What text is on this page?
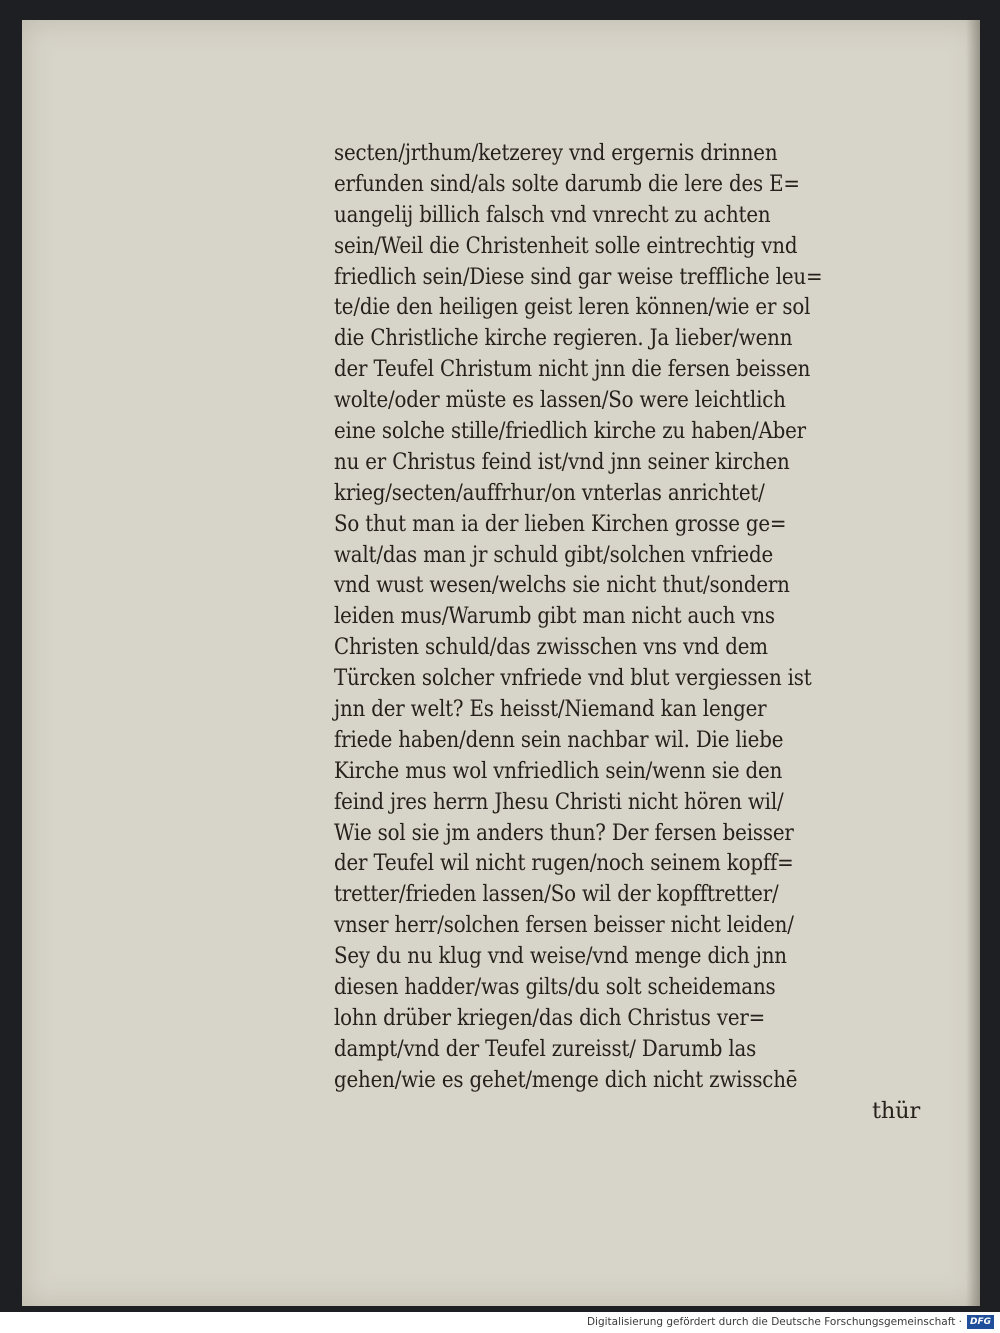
secten/jrthum/ketzerey vnd ergernis drinnen
erfunden sind/als solte darumb die lere des E=
uangelij billich falsch vnd vnrecht zu achten
sein/Weil die Christenheit solle eintrechtig vnd
friedlich sein/Diese sind gar weise treffliche leu=
te/die den heiligen geist leren können/wie er sol
die Christliche kirche regieren. Ja lieber/wenn
der Teufel Christum nicht jnn die fersen beissen
wolte/oder müste es lassen/So were leichtlich
eine solche stille/friedlich kirche zu haben/Aber
nu er Christus feind ist/vnd jnn seiner kirchen
krieg/secten/auffrhur/on vnterlas anrichtet/
So thut man ia der lieben Kirchen grosse ge=
walt/das man jr schuld gibt/solchen vnfriede
vnd wust wesen/welchs sie nicht thut/sondern
leiden mus/Warumb gibt man nicht auch vns
Christen schuld/das zwisschen vns vnd dem
Türcken solcher vnfriede vnd blut vergiessen ist
jnn der welt? Es heisst/Niemand kan lenger
friede haben/denn sein nachbar wil. Die liebe
Kirche mus wol vnfriedlich sein/wenn sie den
feind jres herrn Jhesu Christi nicht hören wil/
Wie sol sie jm anders thun? Der fersen beisser
der Teufel wil nicht rugen/noch seinem kopff=
tretter/frieden lassen/So wil der kopfftretter/
vnser herr/solchen fersen beisser nicht leiden/
Sey du nu klug vnd weise/vnd menge dich jnn
diesen hadder/was gilts/du solt scheidemans
lohn drüber kriegen/das dich Christus ver=
dampt/vnd der Teufel zureisst/ Darumb las
gehen/wie es gehet/menge dich nicht zwisschē
thür
Digitalisierung gefördert durch die Deutsche Forschungsgemeinschaft · DFG
